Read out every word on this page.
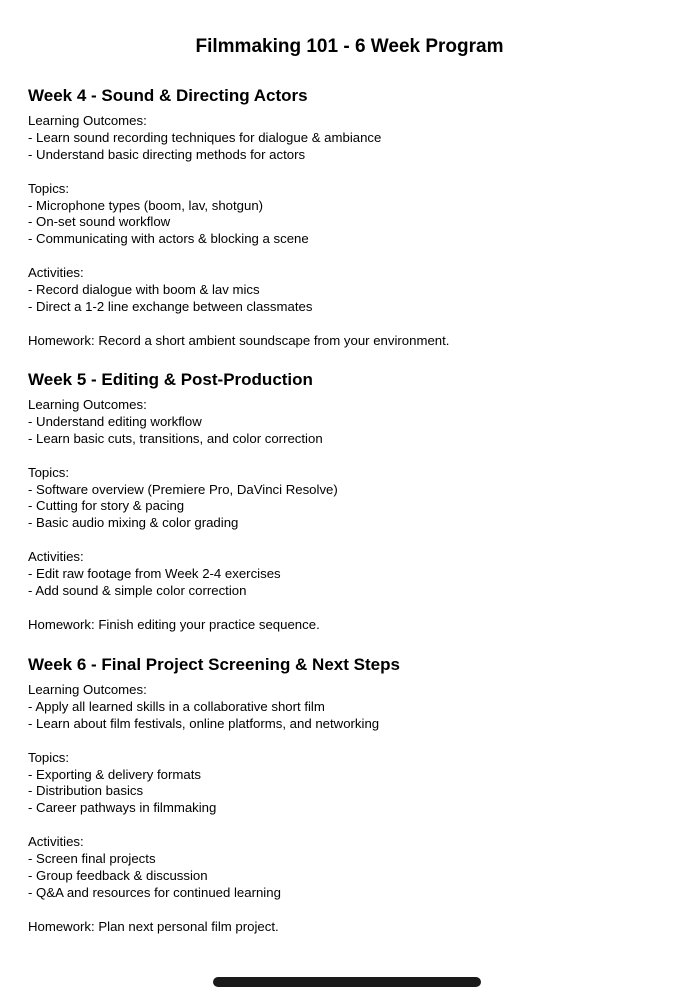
Filmmaking 101 - 6 Week Program
Week 4 - Sound & Directing Actors

Learning Outcomes:

- Learn sound recording techniques for dialogue & ambiance

- Understand basic directing methods for actors

Topics:

- Microphone types (boom, lav, shotgun)

- On-set sound workflow

- Communicating with actors & blocking a scene

Activities:

- Record dialogue with boom & lav mics

- Direct a 1-2 line exchange between classmates

Homework: Record a short ambient soundscape from your environment.

Week 5 - Editing & Post-Production

Learning Outcomes:

- Understand editing workflow

- Learn basic cuts, transitions, and color correction

Topics:

- Software overview (Premiere Pro, DaVinci Resolve)

- Cutting for story & pacing

- Basic audio mixing & color grading

Activities:

- Edit raw footage from Week 2-4 exercises

- Add sound & simple color correction

Homework: Finish editing your practice sequence.

Week 6 - Final Project Screening & Next Steps

Learning Outcomes:

- Apply all learned skills in a collaborative short film

- Learn about film festivals, online platforms, and networking

Topics:

- Exporting & delivery formats

- Distribution basics

- Career pathways in filmmaking

Activities:

- Screen final projects

- Group feedback & discussion

- Q&A and resources for continued learning

Homework: Plan next personal film project.
